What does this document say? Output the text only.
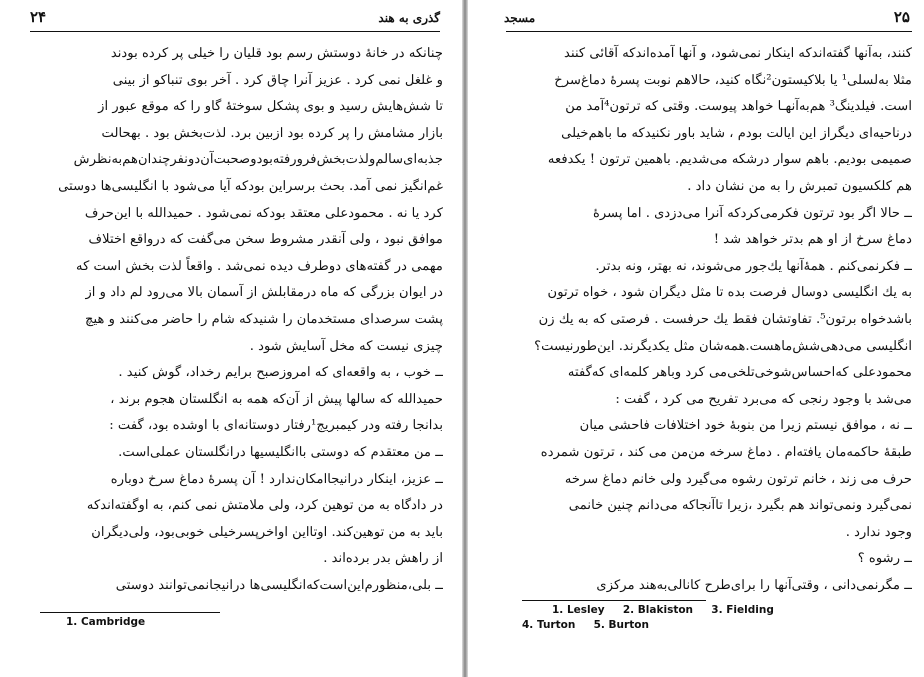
گذری به هند
۲۴
چنانکه در خانهٔ دوستش رسم بود قلیان را خیلی پر کرده بودند
و غلغل نمی کرد . عزیز آنرا چاق کرد . آخر بوی تنباکو از بینی
تا شش‌هایش رسید و بوی پشکل سوختهٔ گاو را که موقع عبور از
بازار مشامش را پر کرده بود ازبین برد. لذت‌بخش بود . بهحالت
جذبه‌ای‌سالم‌ولذت‌بخش‌فرورفته‌بودوصحبت‌آن‌دو‌نفر‌چندان‌هم‌به‌نظرش
غم‌انگیز نمی آمد. بحث برسراین بودکه آیا می‌شود با انگلیسی‌ها دوستی
کرد یا نه . محمودعلی معتقد بودکه نمی‌شود . حمیدالله با این‌حرف
موافق نبود ، ولی آنقدر مشروط سخن می‌گفت که درواقع اختلاف
مهمی در گفته‌های دوطرف دیده نمی‌شد . واقعاً لذت بخش است که
در ایوان بزرگی که ماه درمقابلش از آسمان بالا می‌رود لم داد و از
پشت سرصدای مستخدمان را شنیدکه شام را حاضر می‌کنند و هیچ
چیزی نیست که مخل آسایش شود .
ــ خوب ، به واقعه‌ای که امروزصبح برایم رخداد، گوش کنید .
حمیدالله که سالها پیش از آن‌که همه به انگلستان هجوم برند ،
بدانجا رفته ودر کیمبریج¹رفتار دوستانه‌ای با اوشده بود، گفت :
ــ من معتقدم که دوستی باانگلیسیها درانگلستان عملی‌است.
ــ عزیز، اینکار درانیجاامکان‌ندارد ! آن پسرهٔ دماغ سرخ دوباره
در دادگاه به من توهین کرد، ولی ملامتش نمی کنم، به اوگفته‌اندکه
باید به من توهین‌کند. اوتااین اواخر‌پسرخیلی خوبی‌بود، ولی‌دیگران
از راهش بدر برده‌اند .
ــ بلی،منظورم‌این‌است‌که‌انگلیسی‌ها درانیجانمی‌توانند دوستی
1. Cambridge
مسجد	۲۵
کنند، به‌آنها گفته‌اندکه اینکار نمی‌شود، و آنها آمده‌اندکه آقائی کنند
مثلا به‌لسلی¹ یا بلاکیستون²نگاه کنید، حالاهم نوبت پسرهٔ دماغ‌سرخ
است. فیلدینگ³ هم‌به‌آنهـا خواهد پیوست. وقتی که ترتون⁴آمد من
درناحیه‌ای دیگراز این ایالت بودم ، شاید باور نکنیدکه ما باهم‌خیلی
صمیمی بودیم. باهم سوار درشکه می‌شدیم. باهمین ترتون ! یکدفعه
هم کلکسیون تمبرش را به من نشان داد .
ــ حالا اگر بود ترتون فکرمی‌کردکه آنرا می‌دزدی . اما پسرهٔ
دماغ سرخ از او هم بدتر خواهد شد !
ــ فکر‌نمی‌کنم . همهٔ‌آنها یك‌جور می‌شوند، نه بهتر، ونه بدتر.
به یك انگلیسی دوسال فرصت بده تا مثل دیگران شود ، خواه ترتون
باشدخواه برتون⁵. تفاوتشان فقط یك حرفست . فرصتی که به یك زن
انگلیسی می‌دهی‌شش‌ماهست.همه‌شان مثل یکدیگرند. این‌طورنیست؟
محمودعلی که‌احساس‌شوخی‌تلخی‌می کرد و‌باهر کلمه‌ای که‌گفته
می‌شد با وجود رنجی که می‌برد تفریح می کرد ، گفت :
ــ نه ، موافق نیستم زیرا من بنوبهٔ خود اختلافات فاحشی میان
طبقهٔ حاکمه‌مان یافته‌ام . دماغ سرخه من‌من می کند ، ترتون شمرده
حرف می زند ، خانم ترتون رشوه می‌گیرد ولی خانم دماغ سرخه
نمی‌گیرد ونمی‌تواند هم بگیرد ،زیرا تا‌آنجاکه می‌دانم چنین خانمی
وجود ندارد .
ــ رشوه ؟
ــ مگر‌نمی‌دانی ، وقتی‌آنها را برای‌طرح کانالی‌به‌هند مرکزی
1. Lesley     2. Blakiston     3. Fielding
4. Turton     5. Burton
